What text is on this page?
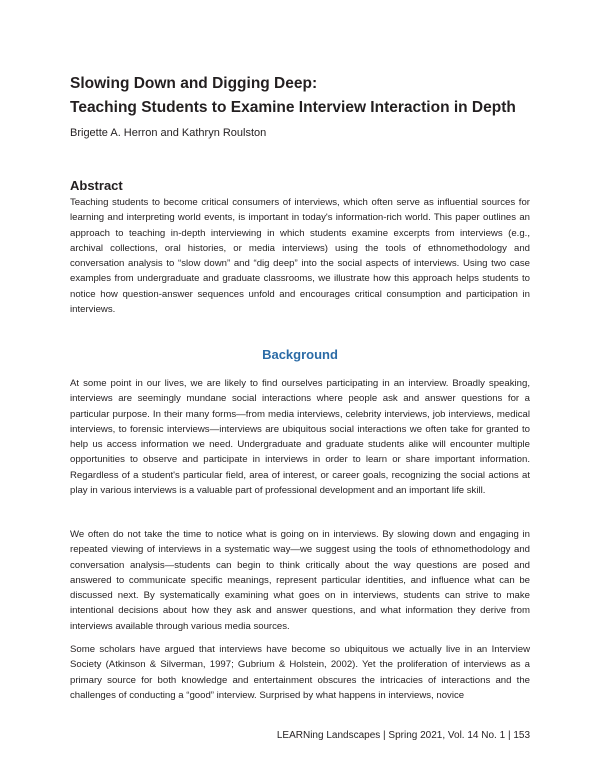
Slowing Down and Digging Deep:
Teaching Students to Examine Interview Interaction in Depth

Brigette A. Herron and Kathryn Roulston

Abstract

Teaching students to become critical consumers of interviews, which often serve as influential sources for learning and interpreting world events, is important in today's information-rich world. This paper outlines an approach to teaching in-depth interviewing in which students examine excerpts from interviews (e.g., archival collections, oral histories, or media interviews) using the tools of ethnomethodology and conversation analysis to “slow down” and “dig deep” into the social aspects of interviews. Using two case examples from undergraduate and graduate classrooms, we illustrate how this approach helps students to notice how question-answer sequences unfold and encourages critical consumption and participation in interviews.

Background

At some point in our lives, we are likely to find ourselves participating in an interview. Broadly speaking, interviews are seemingly mundane social interactions where people ask and answer questions for a particular purpose. In their many forms—from media interviews, celebrity interviews, job interviews, medical interviews, to forensic interviews—interviews are ubiquitous social interactions we often take for granted to help us access information we need. Undergraduate and graduate students alike will encounter multiple opportunities to observe and participate in interviews in order to learn or share important information. Regardless of a student's particular field, area of interest, or career goals, recognizing the social actions at play in various interviews is a valuable part of professional development and an important life skill.

We often do not take the time to notice what is going on in interviews. By slowing down and engaging in repeated viewing of interviews in a systematic way—we suggest using the tools of ethnomethodology and conversation analysis—students can begin to think critically about the way questions are posed and answered to communicate specific meanings, represent particular identities, and influence what can be discussed next. By systematically examining what goes on in interviews, students can strive to make intentional decisions about how they ask and answer questions, and what information they derive from interviews available through various media sources.

Some scholars have argued that interviews have become so ubiquitous we actually live in an Interview Society (Atkinson & Silverman, 1997; Gubrium & Holstein, 2002). Yet the proliferation of interviews as a primary source for both knowledge and entertainment obscures the intricacies of interactions and the challenges of conducting a “good” interview. Surprised by what happens in interviews, novice

LEARNing Landscapes | Spring 2021, Vol. 14 No. 1 | 153
